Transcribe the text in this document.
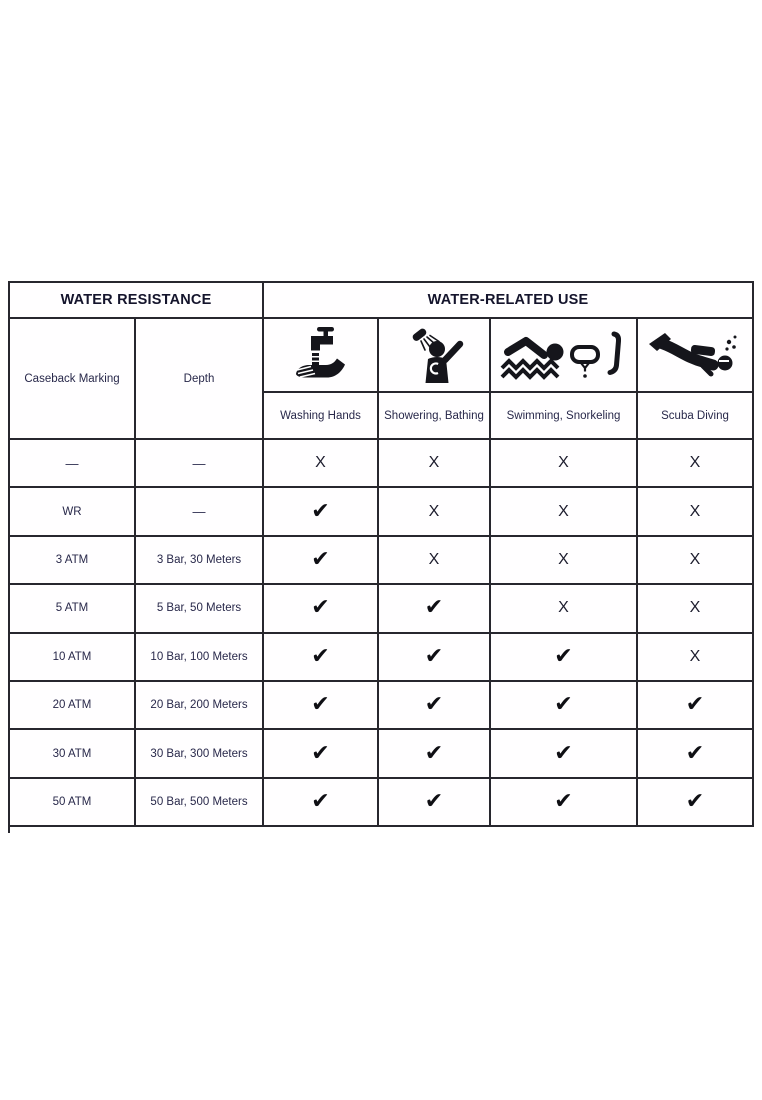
WATER RESISTANCE		WATER-RELATED USE			
Caseback Marking	Depth	

		Washing Hands	Showering, Bathing	Swimming, Snorkeling	Scuba Diving
—	—	X	X	X	X
WR	—	✔	X	X	X
3 ATM	3 Bar, 30 Meters	✔	X	X	X
5 ATM	5 Bar, 50 Meters	✔	✔	X	X
10 ATM	10 Bar, 100 Meters	✔	✔	✔	X
20 ATM	20 Bar, 200 Meters	✔	✔	✔	✔
30 ATM	30 Bar, 300 Meters	✔	✔	✔	✔
50 ATM	50 Bar, 500 Meters	✔	✔	✔	✔
